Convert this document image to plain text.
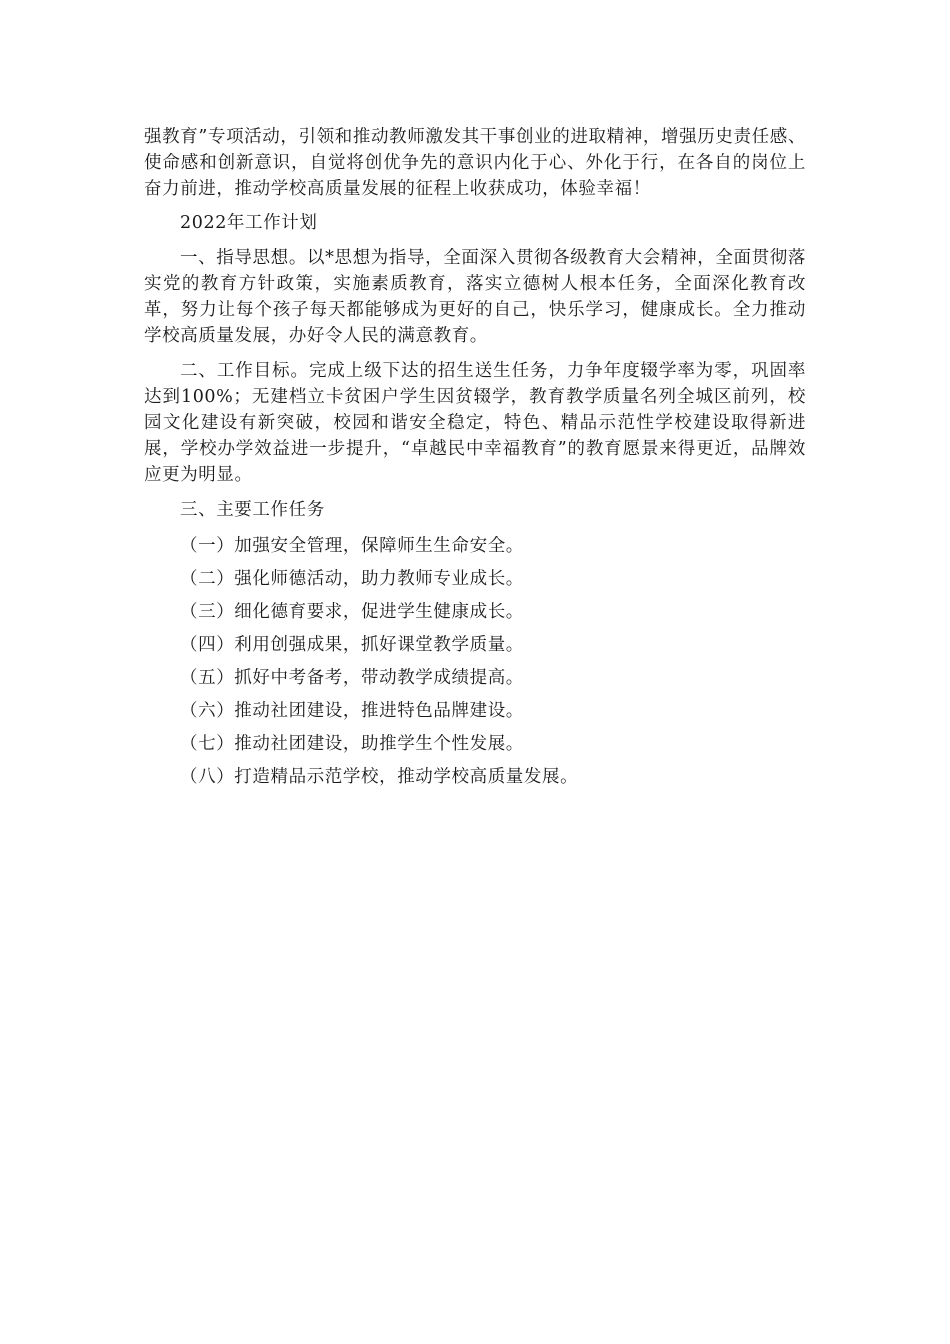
强教育”专项活动，引领和推动教师激发其干事创业的进取精神，增强历史责任感、使命感和创新意识，自觉将创优争先的意识内化于心、外化于行，在各自的岗位上奋力前进，推动学校高质量发展的征程上收获成功，体验幸福！

2022年工作计划

一、指导思想。以*思想为指导，全面深入贯彻各级教育大会精神，全面贯彻落实党的教育方针政策，实施素质教育，落实立德树人根本任务，全面深化教育改革，努力让每个孩子每天都能够成为更好的自己，快乐学习，健康成长。全力推动学校高质量发展，办好令人民的满意教育。

二、工作目标。完成上级下达的招生送生任务，力争年度辍学率为零，巩固率达到100%；无建档立卡贫困户学生因贫辍学，教育教学质量名列全城区前列，校园文化建设有新突破，校园和谐安全稳定，特色、精品示范性学校建设取得新进展，学校办学效益进一步提升，“卓越民中幸福教育”的教育愿景来得更近，品牌效应更为明显。

三、主要工作任务

（一）加强安全管理，保障师生生命安全。

（二）强化师德活动，助力教师专业成长。

（三）细化德育要求，促进学生健康成长。

（四）利用创强成果，抓好课堂教学质量。

（五）抓好中考备考，带动教学成绩提高。

（六）推动社团建设，推进特色品牌建设。

（七）推动社团建设，助推学生个性发展。

（八）打造精品示范学校，推动学校高质量发展。
